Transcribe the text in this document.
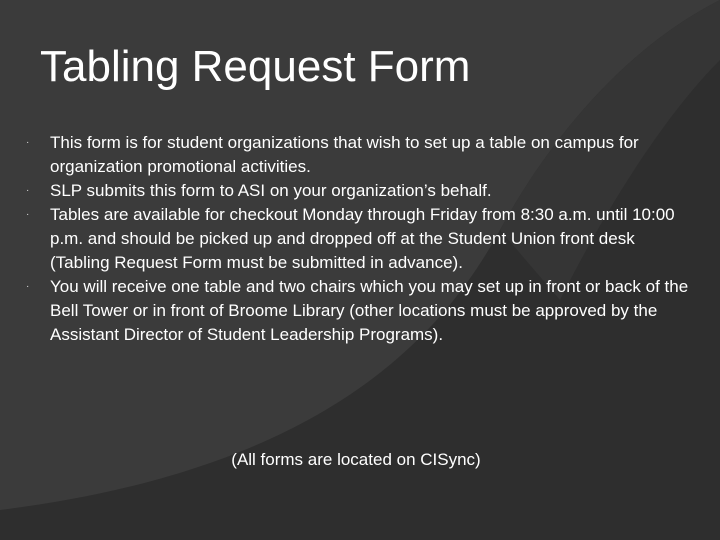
Tabling Request Form
·	This form is for student organizations that wish to set up a table on campus for organization promotional activities.
·	SLP submits this form to ASI on your organization’s behalf.
·	Tables are available for checkout Monday through Friday from 8:30 a.m. until 10:00 p.m. and should be picked up and dropped off at the Student Union front desk (Tabling Request Form must be submitted in advance).
·	You will receive one table and two chairs which you may set up in front or back of the Bell Tower or in front of Broome Library (other locations must be approved by the Assistant Director of Student Leadership Programs).
(All forms are located on CISync)
